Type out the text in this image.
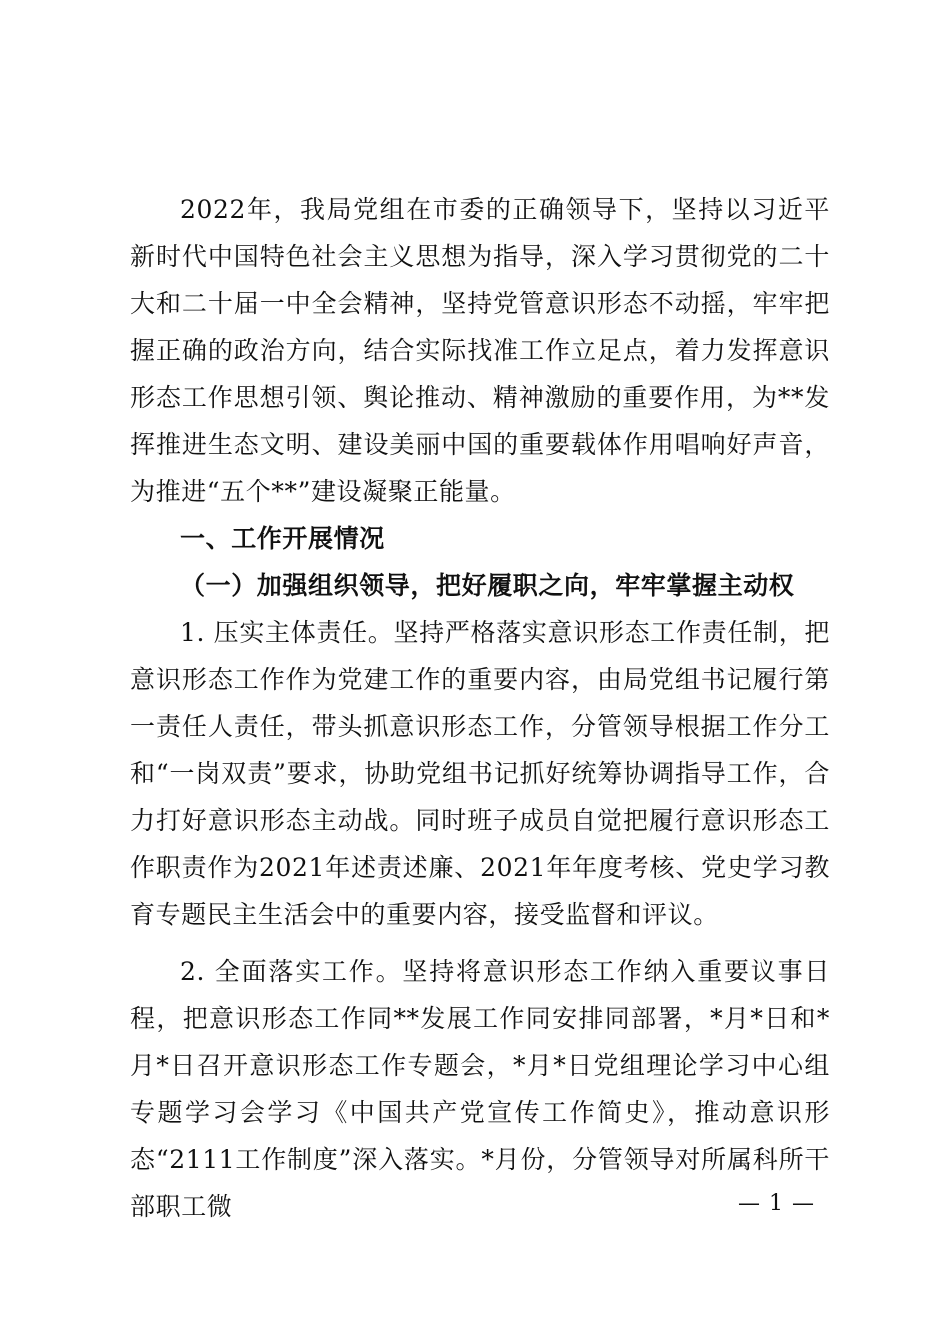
2022年，我局党组在市委的正确领导下，坚持以习近平新时代中国特色社会主义思想为指导，深入学习贯彻党的二十大和二十届一中全会精神，坚持党管意识形态不动摇，牢牢把握正确的政治方向，结合实际找准工作立足点，着力发挥意识形态工作思想引领、舆论推动、精神激励的重要作用，为**发挥推进生态文明、建设美丽中国的重要载体作用唱响好声音，为推进“五个**”建设凝聚正能量。

一、工作开展情况

（一）加强组织领导，把好履职之向，牢牢掌握主动权

1. 压实主体责任。坚持严格落实意识形态工作责任制，把意识形态工作作为党建工作的重要内容，由局党组书记履行第一责任人责任，带头抓意识形态工作，分管领导根据工作分工和“一岗双责”要求，协助党组书记抓好统筹协调指导工作，合力打好意识形态主动战。同时班子成员自觉把履行意识形态工作职责作为2021年述责述廉、2021年年度考核、党史学习教育专题民主生活会中的重要内容，接受监督和评议。

2. 全面落实工作。坚持将意识形态工作纳入重要议事日程，把意识形态工作同**发展工作同安排同部署，*月*日和*月*日召开意识形态工作专题会，*月*日党组理论学习中心组专题学习会学习《中国共产党宣传工作简史》，推动意识形态“2111工作制度”深入落实。*月份，分管领导对所属科所干部职工微	— 1 —
